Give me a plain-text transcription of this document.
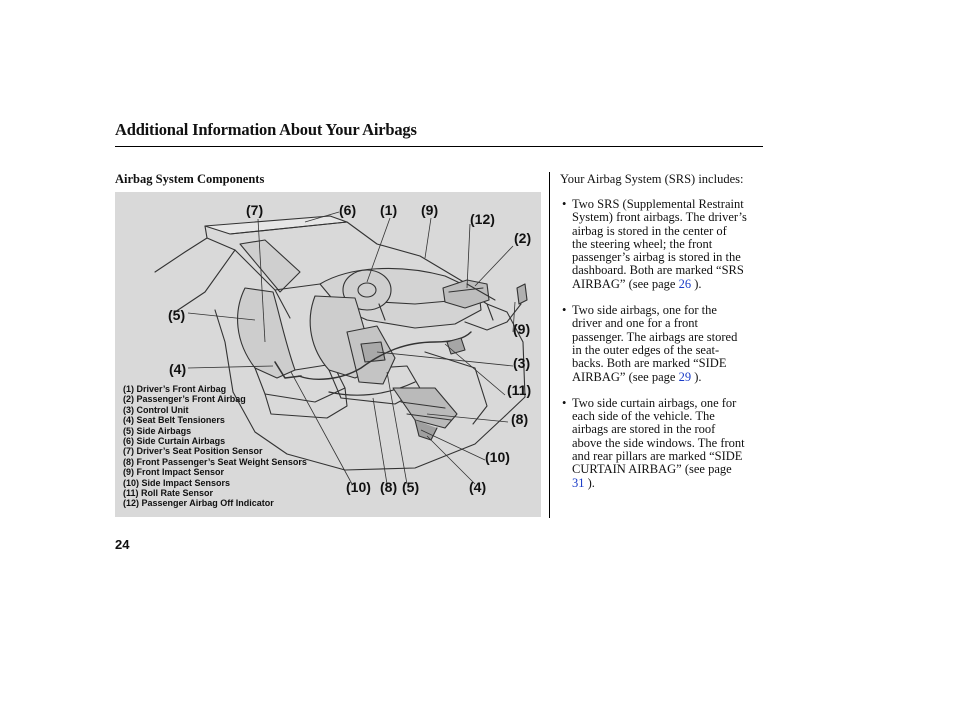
Additional Information About Your Airbags
Airbag System Components
(7)	(6) (1) (9)
(12)
(2)
(5)
(9)
(4)	(3)
(11)
(8)
(10)
(10) (8) (5)	(4)
(1) Driver’s Front Airbag
(2) Passenger’s Front Airbag
(3) Control Unit
(4) Seat Belt Tensioners
(5) Side Airbags
(6) Side Curtain Airbags
(7) Driver’s Seat Position Sensor
(8) Front Passenger’s Seat Weight Sensors
(9) Front Impact Sensor
(10) Side Impact Sensors
(11) Roll Rate Sensor
(12) Passenger Airbag Off Indicator
Your Airbag System (SRS) includes:
• Two SRS (Supplemental Restraint
System) front airbags. The driver’s
airbag is stored in the center of
the steering wheel; the front
passenger’s airbag is stored in the
dashboard. Both are marked “SRS
AIRBAG” (see page 26 ).
• Two side airbags, one for the
driver and one for a front
passenger. The airbags are stored
in the outer edges of the seat-
backs. Both are marked “SIDE
AIRBAG” (see page 29 ).
• Two side curtain airbags, one for
each side of the vehicle. The
airbags are stored in the roof
above the side windows. The front
and rear pillars are marked “SIDE
CURTAIN AIRBAG” (see page
31 ).
24
